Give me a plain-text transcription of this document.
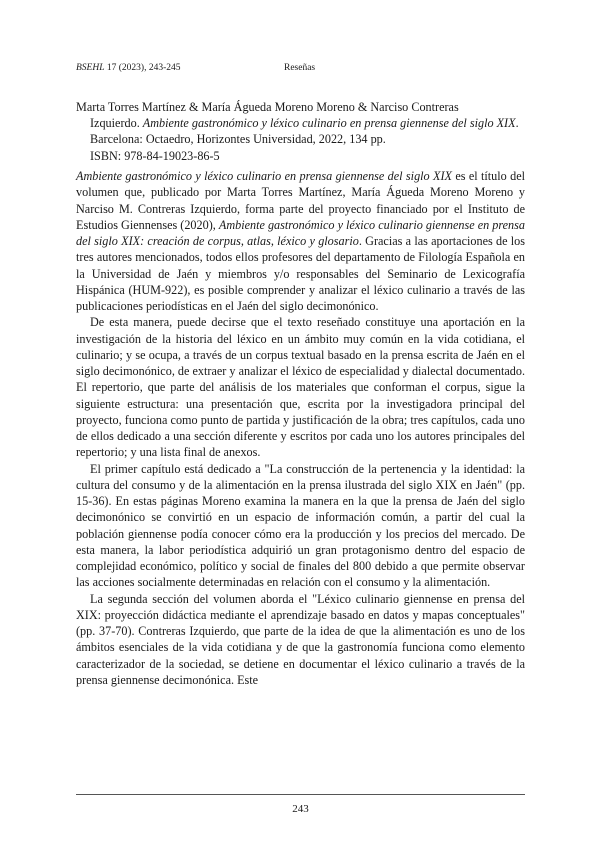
BSEHL 17 (2023), 243-245	Reseñas
Marta Torres Martínez & María Águeda Moreno Moreno & Narciso Contreras
Izquierdo. Ambiente gastronómico y léxico culinario en prensa giennense del siglo XIX. Barcelona: Octaedro, Horizontes Universidad, 2022, 134 pp.
ISBN: 978-84-19023-86-5

Ambiente gastronómico y léxico culinario en prensa giennense del siglo XIX es el título del volumen que, publicado por Marta Torres Martínez, María Águeda Moreno Moreno y Narciso M. Contreras Izquierdo, forma parte del proyecto financiado por el Instituto de Estudios Giennenses (2020), Ambiente gastronómico y léxico culinario giennense en prensa del siglo XIX: creación de corpus, atlas, léxico y glosario. Gracias a las aportaciones de los tres autores mencionados, todos ellos profesores del departamento de Filología Española en la Universidad de Jaén y miembros y/o responsables del Seminario de Lexicografía Hispánica (HUM-922), es posible comprender y analizar el léxico culinario a través de las publicaciones periodísticas en el Jaén del siglo decimonónico.

De esta manera, puede decirse que el texto reseñado constituye una aportación en la investigación de la historia del léxico en un ámbito muy común en la vida cotidiana, el culinario; y se ocupa, a través de un corpus textual basado en la prensa escrita de Jaén en el siglo decimonónico, de extraer y analizar el léxico de especialidad y dialectal documentado. El repertorio, que parte del análisis de los materiales que conforman el corpus, sigue la siguiente estructura: una presentación que, escrita por la investigadora principal del proyecto, funciona como punto de partida y justificación de la obra; tres capítulos, cada uno de ellos dedicado a una sección diferente y escritos por cada uno los autores principales del repertorio; y una lista final de anexos.

El primer capítulo está dedicado a "La construcción de la pertenencia y la identidad: la cultura del consumo y de la alimentación en la prensa ilustrada del siglo XIX en Jaén" (pp. 15-36). En estas páginas Moreno examina la manera en la que la prensa de Jaén del siglo decimonónico se convirtió en un espacio de información común, a partir del cual la población giennense podía conocer cómo era la producción y los precios del mercado. De esta manera, la labor periodística adquirió un gran protagonismo dentro del espacio de complejidad económico, político y social de finales del 800 debido a que permite observar las acciones socialmente determinadas en relación con el consumo y la alimentación.

La segunda sección del volumen aborda el "Léxico culinario giennense en prensa del XIX: proyección didáctica mediante el aprendizaje basado en datos y mapas conceptuales" (pp. 37-70). Contreras Izquierdo, que parte de la idea de que la alimentación es uno de los ámbitos esenciales de la vida cotidiana y de que la gastronomía funciona como elemento caracterizador de la sociedad, se detiene en documentar el léxico culinario a través de la prensa giennense decimonónica. Este

243
